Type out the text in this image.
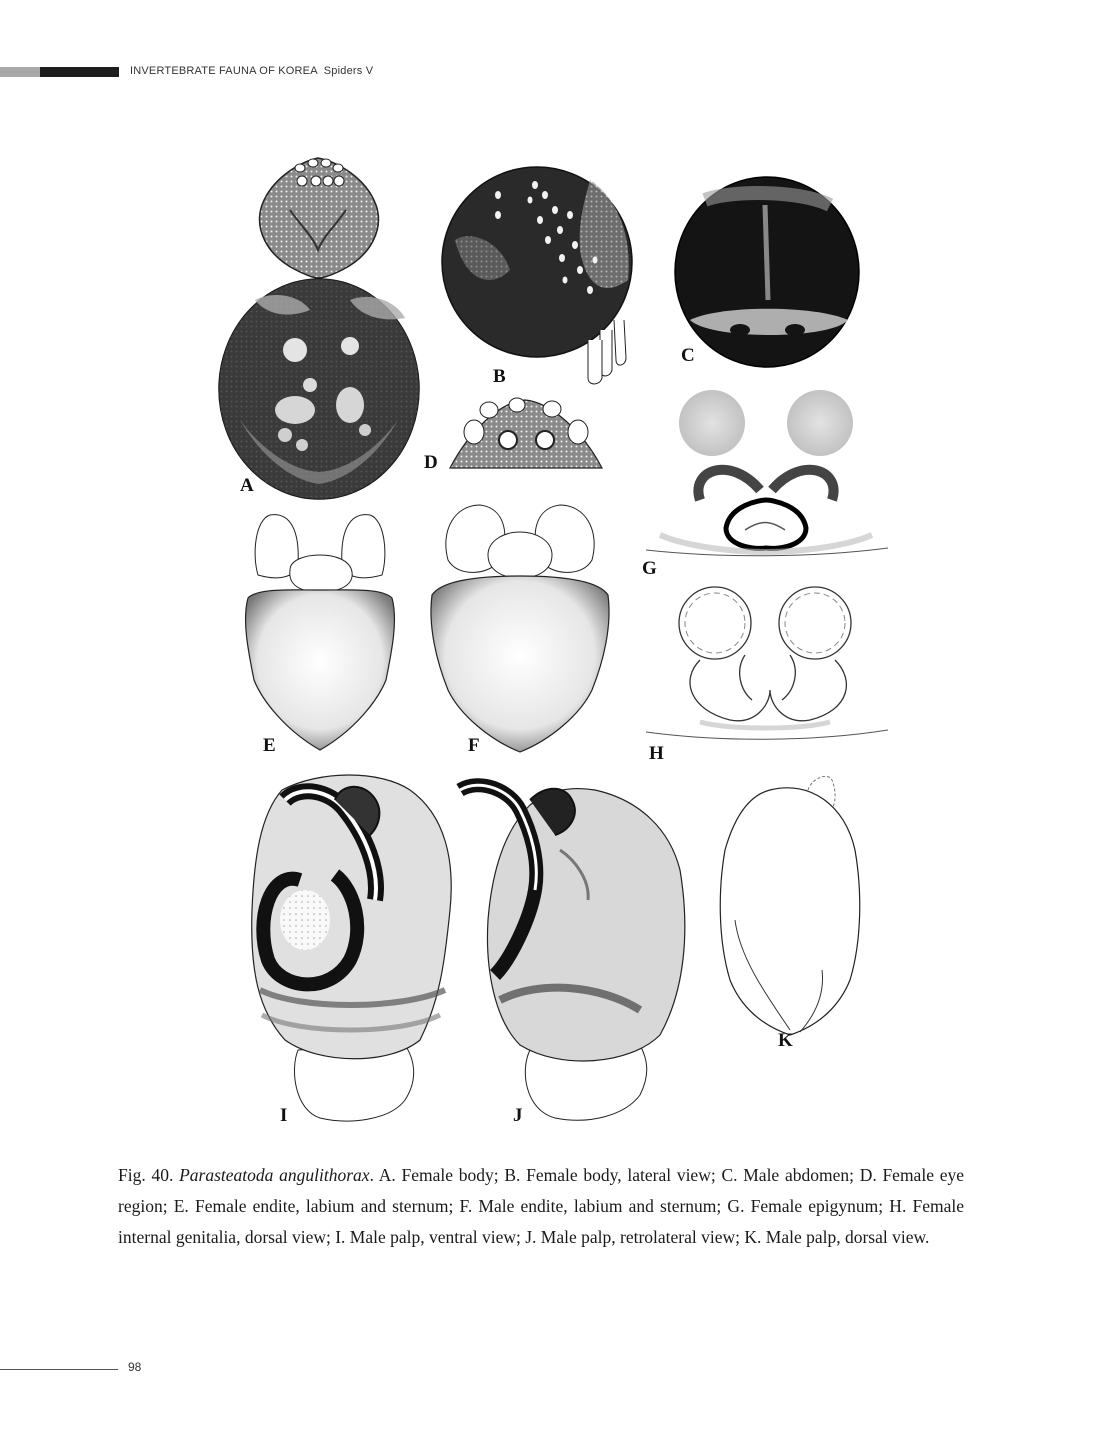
INVERTEBRATE FAUNA OF KOREA Spiders V
A
B
C
D
E	F
G
H
I	J
K
Fig. 40. Parasteatoda angulithorax. A. Female body; B. Female body, lateral view; C. Male abdomen; D. Female eye region; E. Female endite, labium and sternum; F. Male endite, labium and sternum; G. Female epigynum; H. Female internal genitalia, dorsal view; I. Male palp, ventral view; J. Male palp, retrolateral view; K. Male palp, dorsal view.
98
